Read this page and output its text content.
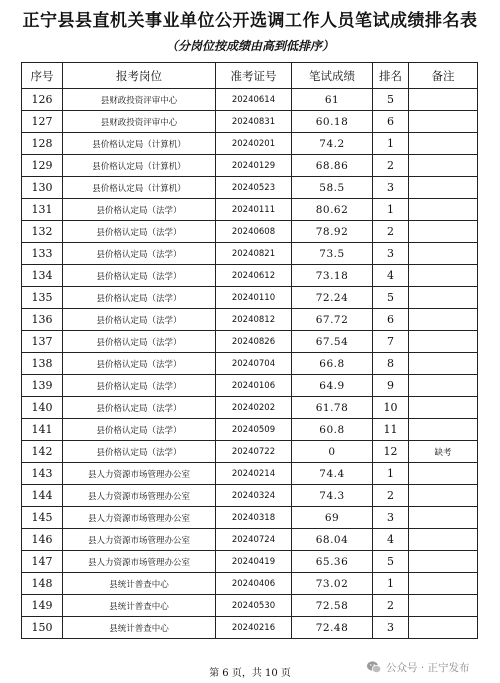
正宁县县直机关事业单位公开选调工作人员笔试成绩排名表
（分岗位按成绩由高到低排序）
序号	报考岗位	准考证号	笔试成绩	排名	备注
126	县财政投资评审中心	20240614	61	5	
127	县财政投资评审中心	20240831	60.18	6	
128	县价格认定局（计算机）	20240201	74.2	1	
129	县价格认定局（计算机）	20240129	68.86	2	
130	县价格认定局（计算机）	20240523	58.5	3	
131	县价格认定局（法学）	20240111	80.62	1	
132	县价格认定局（法学）	20240608	78.92	2	
133	县价格认定局（法学）	20240821	73.5	3	
134	县价格认定局（法学）	20240612	73.18	4	
135	县价格认定局（法学）	20240110	72.24	5	
136	县价格认定局（法学）	20240812	67.72	6	
137	县价格认定局（法学）	20240826	67.54	7	
138	县价格认定局（法学）	20240704	66.8	8	
139	县价格认定局（法学）	20240106	64.9	9	
140	县价格认定局（法学）	20240202	61.78	10	
141	县价格认定局（法学）	20240509	60.8	11	
142	县价格认定局（法学）	20240722	0	12	缺考
143	县人力资源市场管理办公室	20240214	74.4	1	
144	县人力资源市场管理办公室	20240324	74.3	2	
145	县人力资源市场管理办公室	20240318	69	3	
146	县人力资源市场管理办公室	20240724	68.04	4	
147	县人力资源市场管理办公室	20240419	65.36	5	
148	县统计普查中心	20240406	73.02	1	
149	县统计普查中心	20240530	72.58	2	
150	县统计普查中心	20240216	72.48	3	
第 6 页，共 10 页	公众号 · 正宁发布
